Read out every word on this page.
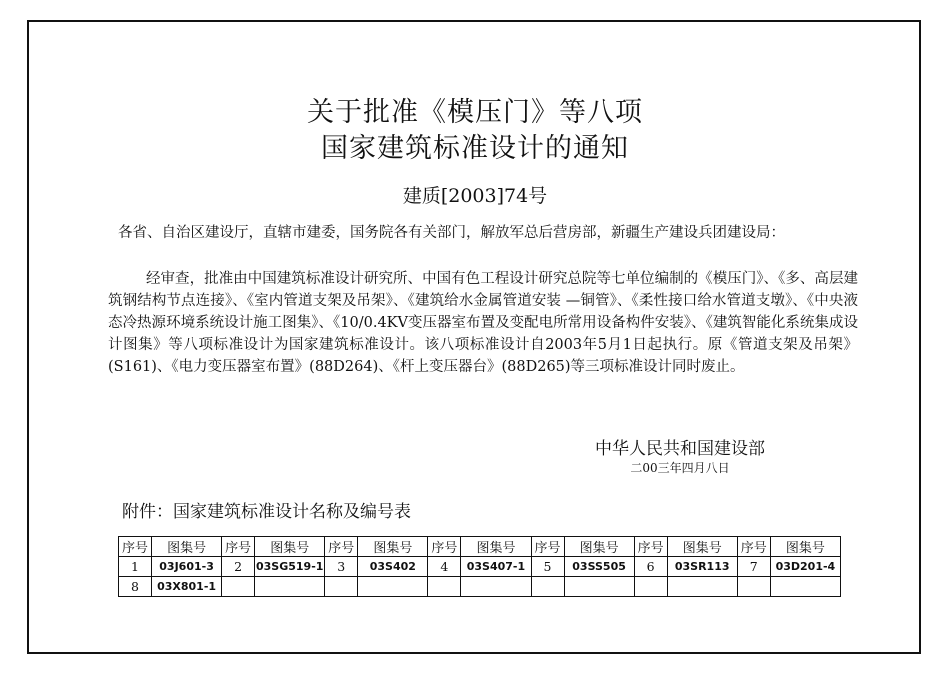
关于批准《模压门》等八项
国家建筑标准设计的通知
建质[2003]74号
各省、自治区建设厅，直辖市建委，国务院各有关部门，解放军总后营房部，新疆生产建设兵团建设局：
经审查，批准由中国建筑标准设计研究所、中国有色工程设计研究总院等七单位编制的《模压门》、《多、高层建筑钢结构节点连接》、《室内管道支架及吊架》、《建筑给水金属管道安装 —铜管》、《柔性接口给水管道支墩》、《中央液态冷热源环境系统设计施工图集》、《10/0.4KV变压器室布置及变配电所常用设备构件安装》、《建筑智能化系统集成设计图集》等八项标准设计为国家建筑标准设计。该八项标准设计自2003年5月1日起执行。原《管道支架及吊架》(S161)、《电力变压器室布置》(88D264)、《杆上变压器台》(88D265)等三项标准设计同时废止。
中华人民共和国建设部
二00三年四月八日
附件：国家建筑标准设计名称及编号表
序号	图集号	序号	图集号	序号	图集号	序号	图集号	序号	图集号	序号	图集号	序号	图集号
1	03J601-3	2	03SG519-1	3	03S402	4	03S407-1	5	03SS505	6	03SR113	7	03D201-4
8	03X801-1												
